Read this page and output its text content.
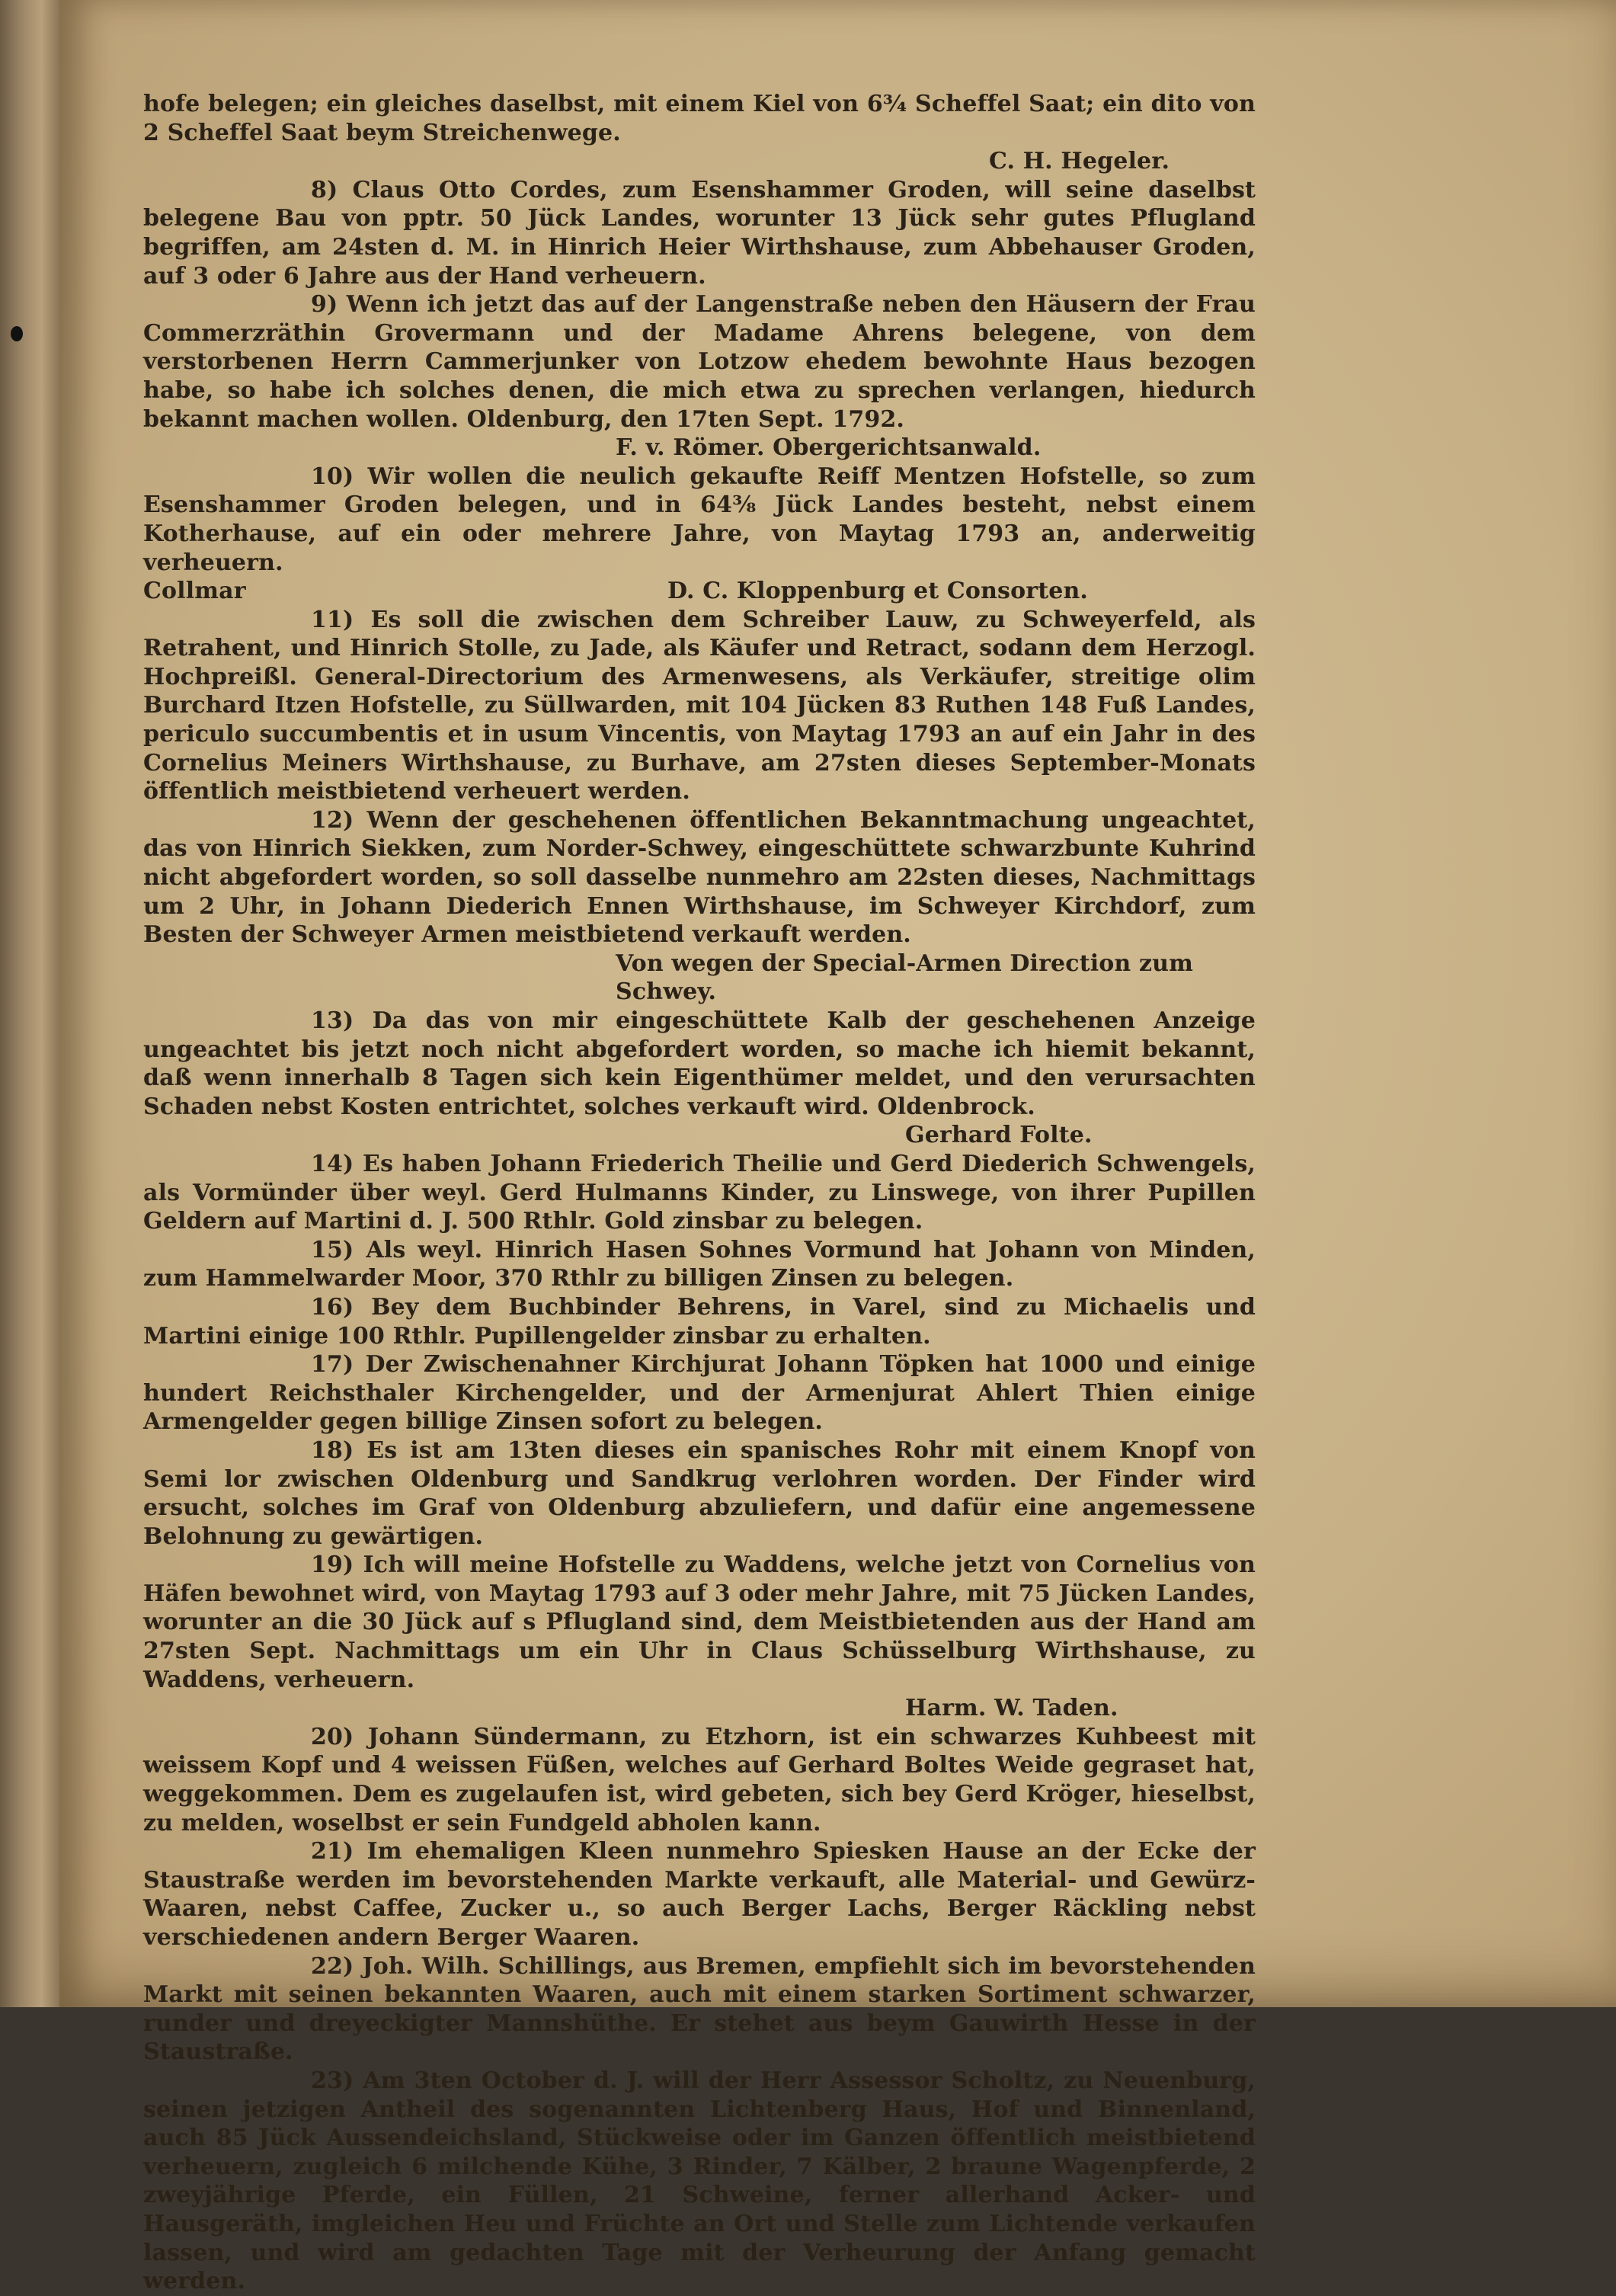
hofe belegen; ein gleiches daselbst, mit einem Kiel von 6¾ Scheffel Saat; ein dito von 2 Scheffel Saat beym Streichenwege.

C. H. Hegeler.

8) Claus Otto Cordes, zum Esenshammer Groden, will seine daselbst belegene Bau von pptr. 50 Jück Landes, worunter 13 Jück sehr gutes Pflugland begriffen, am 24sten d. M. in Hinrich Heier Wirthshause, zum Abbehauser Groden, auf 3 oder 6 Jahre aus der Hand verheuern.

9) Wenn ich jetzt das auf der Langenstraße neben den Häusern der Frau Commerzräthin Grovermann und der Madame Ahrens belegene, von dem verstorbenen Herrn Cammerjunker von Lotzow ehedem bewohnte Haus bezogen habe, so habe ich solches denen, die mich etwa zu sprechen verlangen, hiedurch bekannt machen wollen. Oldenburg, den 17ten Sept. 1792.

F. v. Römer. Obergerichtsanwald.

10) Wir wollen die neulich gekaufte Reiff Mentzen Hofstelle, so zum Esenshammer Groden belegen, und in 64⅜ Jück Landes besteht, nebst einem Kotherhause, auf ein oder mehrere Jahre, von Maytag 1793 an, anderweitig verheuern.

Collmar	D. C. Kloppenburg et Consorten.

11) Es soll die zwischen dem Schreiber Lauw, zu Schweyerfeld, als Retrahent, und Hinrich Stolle, zu Jade, als Käufer und Retract, sodann dem Herzogl. Hochpreißl. General-Directorium des Armenwesens, als Verkäufer, streitige olim Burchard Itzen Hofstelle, zu Süllwarden, mit 104 Jücken 83 Ruthen 148 Fuß Landes, periculo succumbentis et in usum Vincentis, von Maytag 1793 an auf ein Jahr in des Cornelius Meiners Wirthshause, zu Burhave, am 27sten dieses September-Monats öffentlich meistbietend verheuert werden.

12) Wenn der geschehenen öffentlichen Bekanntmachung ungeachtet, das von Hinrich Siekken, zum Norder-Schwey, eingeschüttete schwarzbunte Kuhrind nicht abgefordert worden, so soll dasselbe nunmehro am 22sten dieses, Nachmittags um 2 Uhr, in Johann Diederich Ennen Wirthshause, im Schweyer Kirchdorf, zum Besten der Schweyer Armen meistbietend verkauft werden.

Von wegen der Special-Armen Direction zum Schwey.

13) Da das von mir eingeschüttete Kalb der geschehenen Anzeige ungeachtet bis jetzt noch nicht abgefordert worden, so mache ich hiemit bekannt, daß wenn innerhalb 8 Tagen sich kein Eigenthümer meldet, und den verursachten Schaden nebst Kosten entrichtet, solches verkauft wird. Oldenbrock.

Gerhard Folte.

14) Es haben Johann Friederich Theilie und Gerd Diederich Schwengels, als Vormünder über weyl. Gerd Hulmanns Kinder, zu Linswege, von ihrer Pupillen Geldern auf Martini d. J. 500 Rthlr. Gold zinsbar zu belegen.

15) Als weyl. Hinrich Hasen Sohnes Vormund hat Johann von Minden, zum Hammelwarder Moor, 370 Rthlr zu billigen Zinsen zu belegen.

16) Bey dem Buchbinder Behrens, in Varel, sind zu Michaelis und Martini einige 100 Rthlr. Pupillengelder zinsbar zu erhalten.

17) Der Zwischenahner Kirchjurat Johann Töpken hat 1000 und einige hundert Reichsthaler Kirchengelder, und der Armenjurat Ahlert Thien einige Armengelder gegen billige Zinsen sofort zu belegen.

18) Es ist am 13ten dieses ein spanisches Rohr mit einem Knopf von Semi lor zwischen Oldenburg und Sandkrug verlohren worden. Der Finder wird ersucht, solches im Graf von Oldenburg abzuliefern, und dafür eine angemessene Belohnung zu gewärtigen.

19) Ich will meine Hofstelle zu Waddens, welche jetzt von Cornelius von Häfen bewohnet wird, von Maytag 1793 auf 3 oder mehr Jahre, mit 75 Jücken Landes, worunter an die 30 Jück auf s Pflugland sind, dem Meistbietenden aus der Hand am 27sten Sept. Nachmittags um ein Uhr in Claus Schüsselburg Wirthshause, zu Waddens, verheuern.

Harm. W. Taden.

20) Johann Sündermann, zu Etzhorn, ist ein schwarzes Kuhbeest mit weissem Kopf und 4 weissen Füßen, welches auf Gerhard Boltes Weide gegraset hat, weggekommen. Dem es zugelaufen ist, wird gebeten, sich bey Gerd Kröger, hieselbst, zu melden, woselbst er sein Fundgeld abholen kann.

21) Im ehemaligen Kleen nunmehro Spiesken Hause an der Ecke der Staustraße werden im bevorstehenden Markte verkauft, alle Material- und Gewürz-Waaren, nebst Caffee, Zucker u., so auch Berger Lachs, Berger Räckling nebst verschiedenen andern Berger Waaren.

22) Joh. Wilh. Schillings, aus Bremen, empfiehlt sich im bevorstehenden Markt mit seinen bekannten Waaren, auch mit einem starken Sortiment schwarzer, runder und dreyeckigter Mannshüthe. Er stehet aus beym Gauwirth Hesse in der Staustraße.

23) Am 3ten October d. J. will der Herr Assessor Scholtz, zu Neuenburg, seinen jetzigen Antheil des sogenannten Lichtenberg Haus, Hof und Binnenland, auch 85 Jück Aussendeichsland, Stückweise oder im Ganzen öffentlich meistbietend verheuern, zugleich 6 milchende Kühe, 3 Rinder, 7 Kälber, 2 braune Wagenpferde, 2 zweyjährige Pferde, ein Füllen, 21 Schweine, ferner allerhand Acker- und Hausgeräth, imgleichen Heu und Früchte an Ort und Stelle zum Lichtende verkaufen lassen, und wird am gedachten Tage mit der Verheurung der Anfang gemacht werden.
